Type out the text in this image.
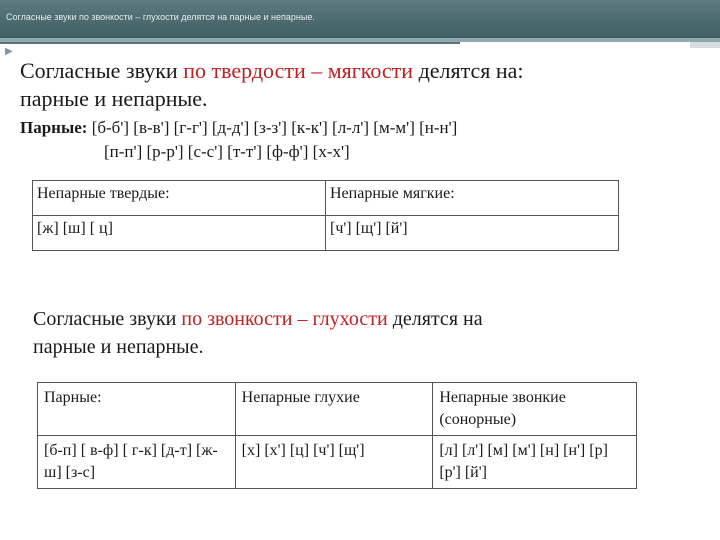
Согласные звуки по звонкости – глухости делятся на парные и непарные.
▶
Согласные звуки по твердости – мягкости делятся на:
парные и непарные.
Парные: [б-б'] [в-в'] [г-г'] [д-д'] [з-з'] [к-к'] [л-л'] [м-м'] [н-н']

[п-п'] [р-р'] [с-с'] [т-т'] [ф-ф'] [х-х']
Непарные твердые:	Непарные мягкие:
[ж] [ш] [ ц]	[ч'] [щ'] [й']
Согласные звуки по звонкости – глухости делятся на
парные и непарные.
Парные:	Непарные глухие	Непарные звонкие (сонорные)
[б-п] [ в-ф] [ г-к] [д-т] [ж-ш] [з-с]	[х] [х'] [ц] [ч'] [щ']	[л] [л'] [м] [м'] [н] [н'] [р] [р'] [й']
